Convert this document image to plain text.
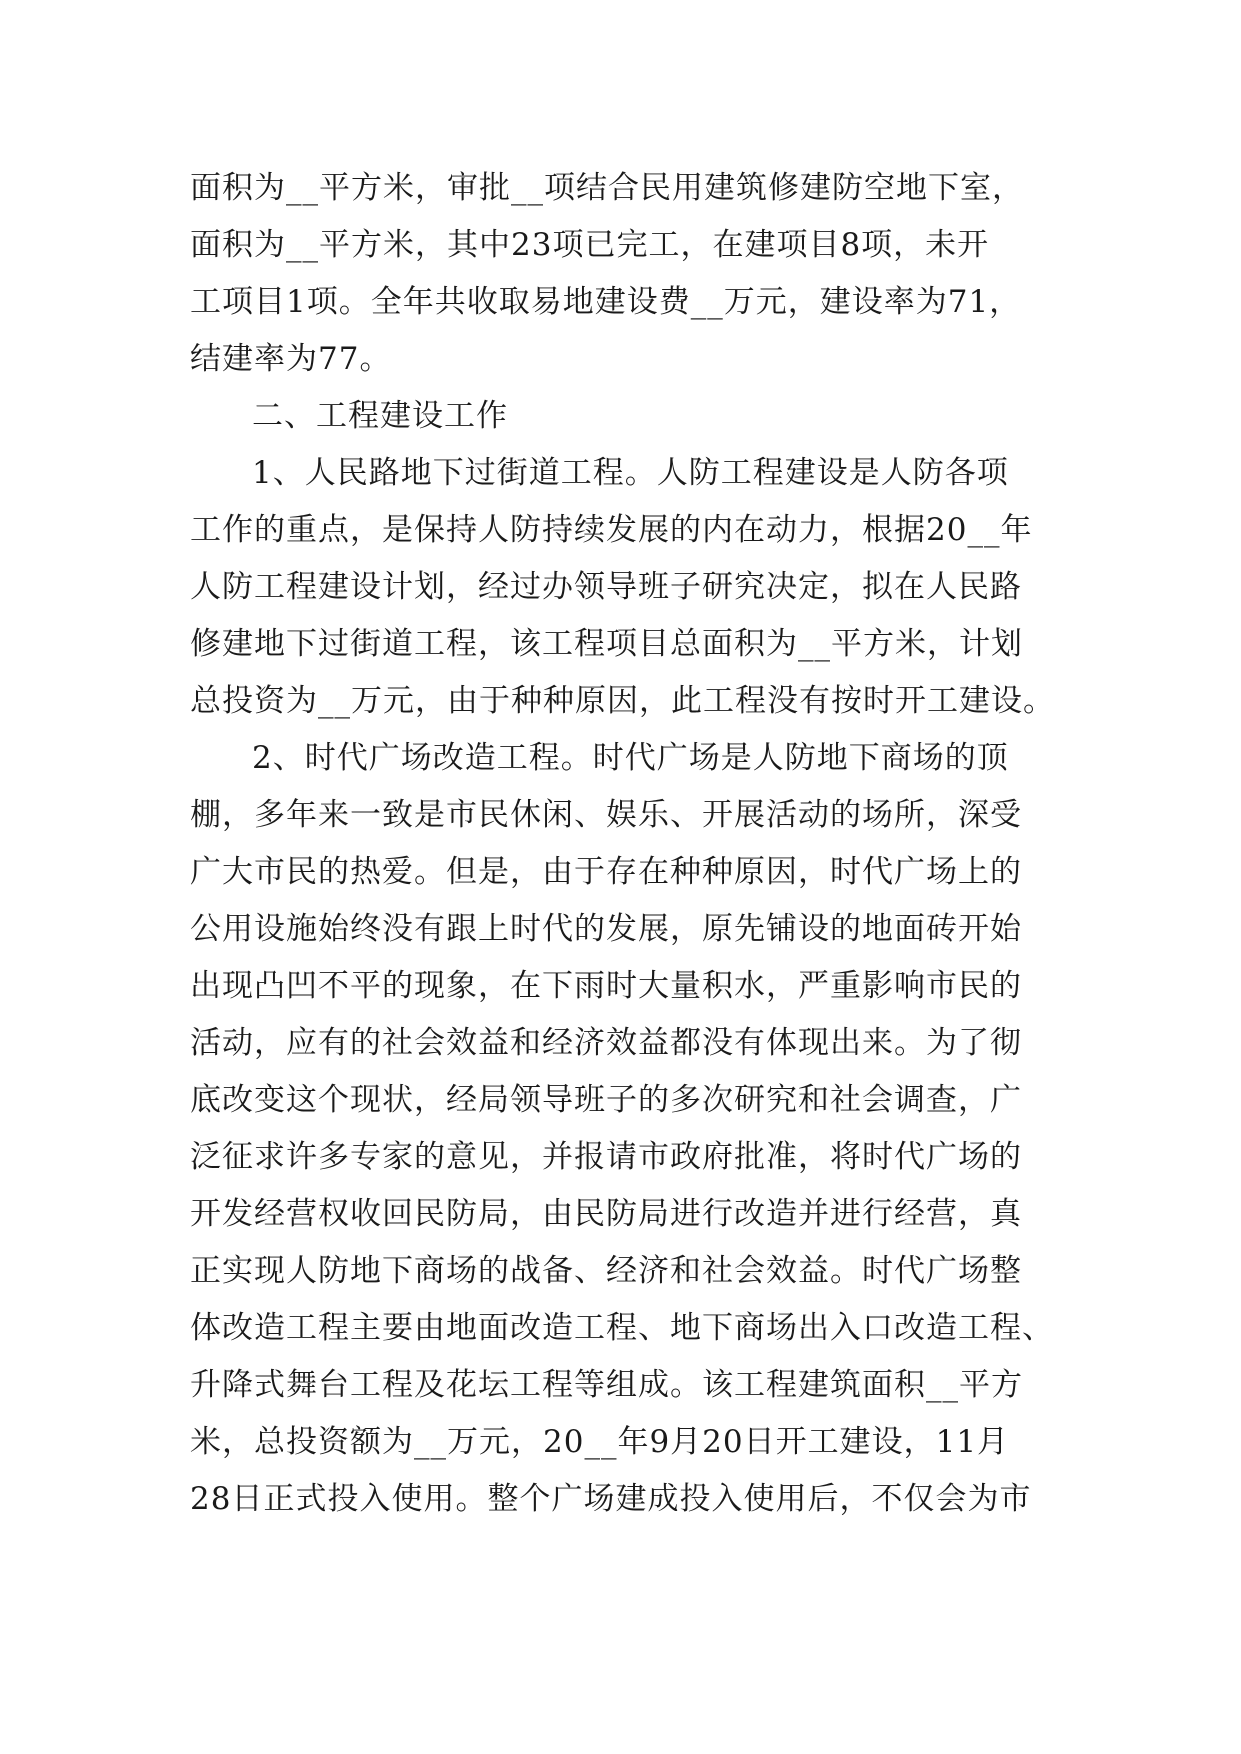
面积为__平方米，审批__项结合民用建筑修建防空地下室，
面积为__平方米，其中23项已完工，在建项目8项，未开
工项目1项。全年共收取易地建设费__万元，建设率为71，
结建率为77。
二、工程建设工作
1、人民路地下过街道工程。人防工程建设是人防各项
工作的重点，是保持人防持续发展的内在动力，根据20__年
人防工程建设计划，经过办领导班子研究决定，拟在人民路
修建地下过街道工程，该工程项目总面积为__平方米，计划
总投资为__万元，由于种种原因，此工程没有按时开工建设。
2、时代广场改造工程。时代广场是人防地下商场的顶
棚，多年来一致是市民休闲、娱乐、开展活动的场所，深受
广大市民的热爱。但是，由于存在种种原因，时代广场上的
公用设施始终没有跟上时代的发展，原先铺设的地面砖开始
出现凸凹不平的现象，在下雨时大量积水，严重影响市民的
活动，应有的社会效益和经济效益都没有体现出来。为了彻
底改变这个现状，经局领导班子的多次研究和社会调查，广
泛征求许多专家的意见，并报请市政府批准，将时代广场的
开发经营权收回民防局，由民防局进行改造并进行经营，真
正实现人防地下商场的战备、经济和社会效益。时代广场整
体改造工程主要由地面改造工程、地下商场出入口改造工程、
升降式舞台工程及花坛工程等组成。该工程建筑面积__平方
米，总投资额为__万元，20__年9月20日开工建设，11月
28日正式投入使用。整个广场建成投入使用后，不仅会为市
